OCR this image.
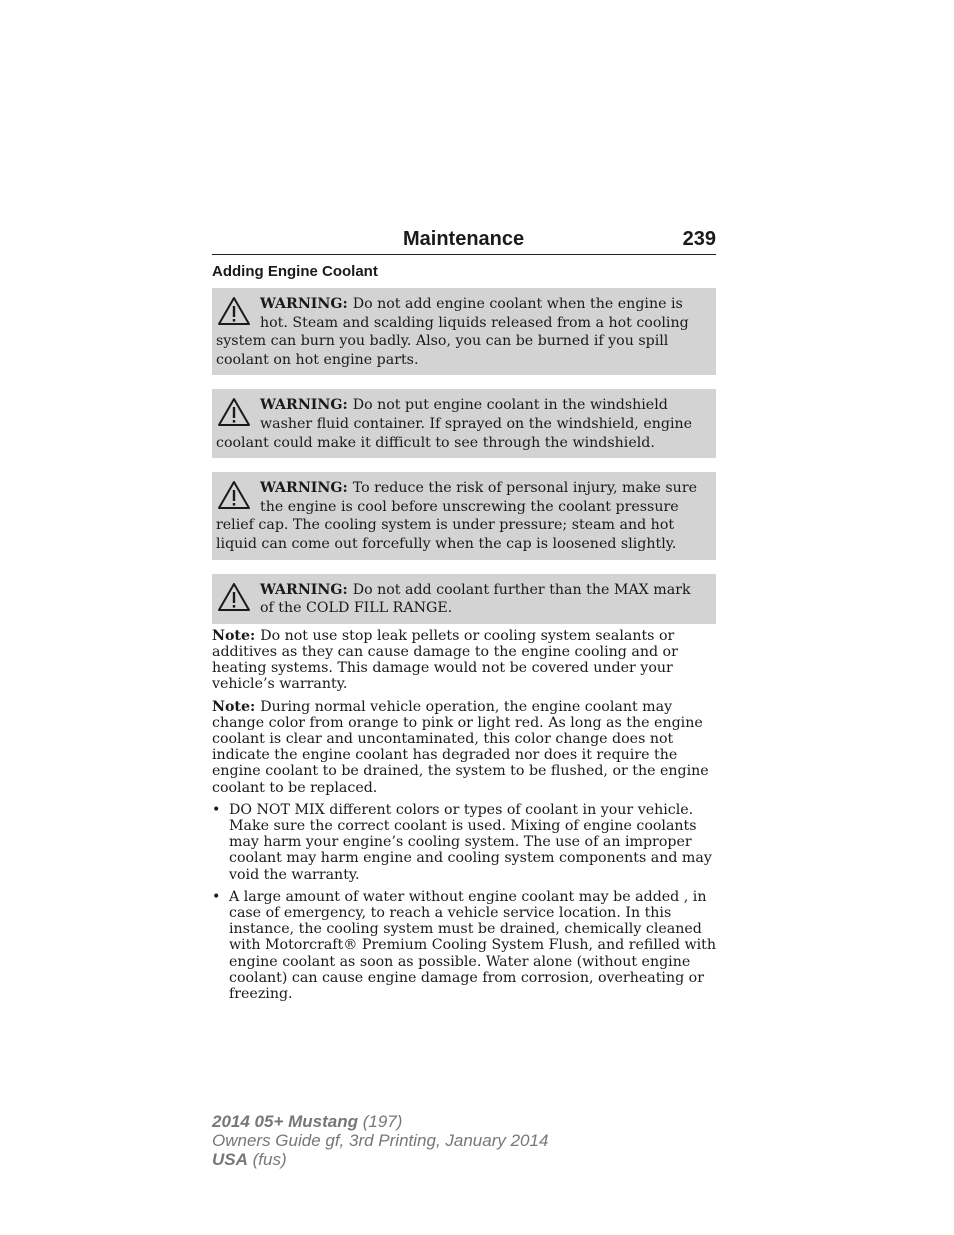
Maintenance	239
Adding Engine Coolant
WARNING: Do not add engine coolant when the engine is hot. Steam and scalding liquids released from a hot cooling system can burn you badly. Also, you can be burned if you spill coolant on hot engine parts.
WARNING: Do not put engine coolant in the windshield washer fluid container. If sprayed on the windshield, engine coolant could make it difficult to see through the windshield.
WARNING: To reduce the risk of personal injury, make sure the engine is cool before unscrewing the coolant pressure relief cap. The cooling system is under pressure; steam and hot liquid can come out forcefully when the cap is loosened slightly.
WARNING: Do not add coolant further than the MAX mark of the COLD FILL RANGE.

Note: Do not use stop leak pellets or cooling system sealants or additives as they can cause damage to the engine cooling and or heating systems. This damage would not be covered under your vehicle’s warranty.

Note: During normal vehicle operation, the engine coolant may change color from orange to pink or light red. As long as the engine coolant is clear and uncontaminated, this color change does not indicate the engine coolant has degraded nor does it require the engine coolant to be drained, the system to be flushed, or the engine coolant to be replaced.

• DO NOT MIX different colors or types of coolant in your vehicle. Make sure the correct coolant is used. Mixing of engine coolants may harm your engine’s cooling system. The use of an improper coolant may harm engine and cooling system components and may void the warranty.
• A large amount of water without engine coolant may be added , in case of emergency, to reach a vehicle service location. In this instance, the cooling system must be drained, chemically cleaned with Motorcraft® Premium Cooling System Flush, and refilled with engine coolant as soon as possible. Water alone (without engine coolant) can cause engine damage from corrosion, overheating or freezing.
2014 05+ Mustang (197)
Owners Guide gf, 3rd Printing, January 2014
USA (fus)
